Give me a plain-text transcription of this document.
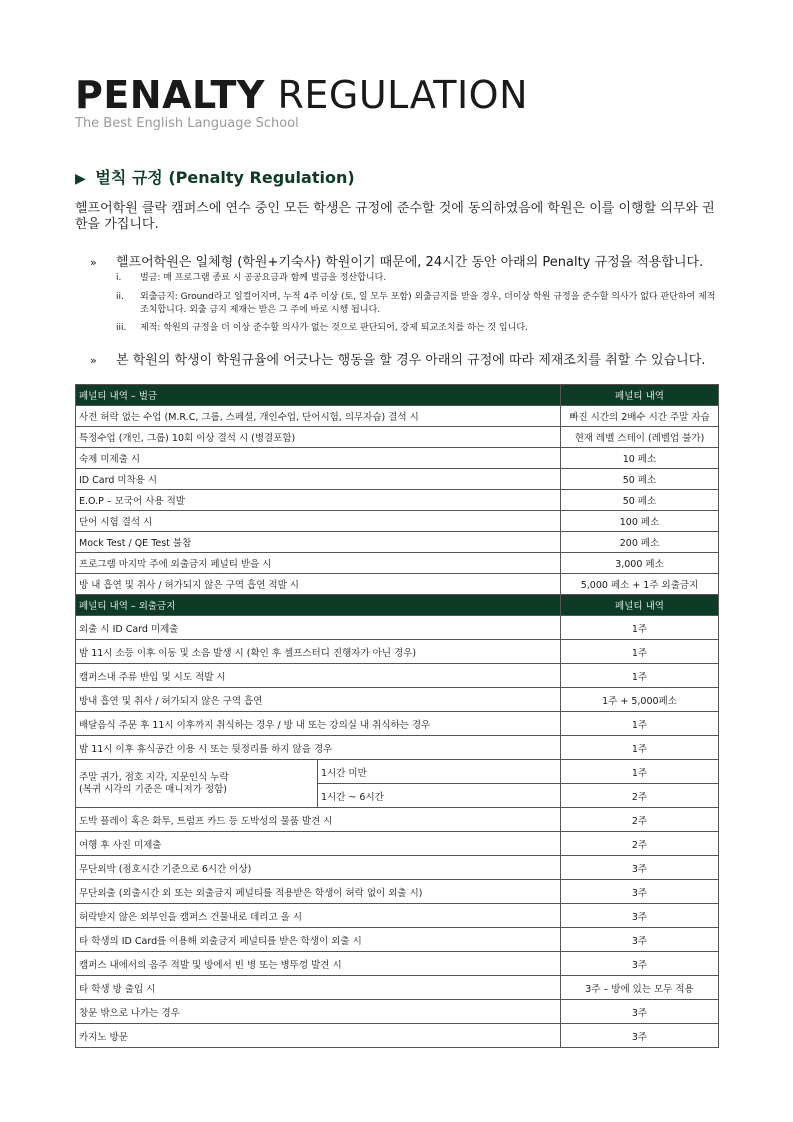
PENALTY REGULATION
The Best English Language School
▶ 벌칙 규정 (Penalty Regulation)
헬프어학원 클락 캠퍼스에 연수 중인 모든 학생은 규정에 준수할 것에 동의하였음에 학원은 이를 이행할 의무와 권한을 가집니다.
» 헬프어학원은 일체형 (학원+기숙사) 학원이기 때문에, 24시간 동안 아래의 Penalty 규정을 적용합니다.
i. 벌금: 매 프로그램 종료 시 공공요금과 함께 벌금을 정산합니다.
ii. 외출금지: Ground라고 일컬어지며, 누적 4주 이상 (토, 일 모두 포함) 외출금지를 받을 경우, 더이상 학원 규정을 준수할 의사가 없다 판단하여 제적 조치합니다. 외출 금지 제재는 받은 그 주에 바로 시행 됩니다.
iii. 제적: 학원의 규정을 더 이상 준수할 의사가 없는 것으로 판단되어, 강제 퇴교조치를 하는 것 입니다.
» 본 학원의 학생이 학원규율에 어긋나는 행동을 할 경우 아래의 규정에 따라 제재조치를 취할 수 있습니다.
페널티 내역 – 벌금		페널티 내역
사전 허락 없는 수업 (M.R.C, 그룹, 스페셜, 개인수업, 단어시험, 의무자습) 결석 시		빠진 시간의 2배수 시간 주말 자습
특정수업 (개인, 그룹) 10회 이상 결석 시 (병결포함)		현재 레벨 스테이 (레벨업 불가)
숙제 미제출 시		10 페소
ID Card 미착용 시		50 페소
E.O.P – 모국어 사용 적발		50 페소
단어 시험 결석 시		100 페소
Mock Test / QE Test 불참		200 페소
프로그램 마지막 주에 외출금지 페널티 받을 시		3,000 페소
방 내 흡연 및 취사 / 허가되지 않은 구역 흡연 적발 시		5,000 페소 + 1주 외출금지
페널티 내역 – 외출금지		페널티 내역
외출 시 ID Card 미제출		1주
밤 11시 소등 이후 이동 및 소음 발생 시 (확인 후 셀프스터디 진행자가 아닌 경우)		1주
캠퍼스내 주류 반입 및 시도 적발 시		1주
방내 흡연 및 취사 / 허가되지 않은 구역 흡연		1주 + 5,000페소
배달음식 주문 후 11시 이후까지 취식하는 경우 / 방 내 또는 강의실 내 취식하는 경우		1주
밤 11시 이후 휴식공간 이용 시 또는 뒷정리를 하지 않을 경우		1주
주말 귀가, 점호 지각, 지문인식 누락
(복귀 시각의 기준은 매니저가 정함)	1시간 미만	1주
	1시간 ~ 6시간	2주
도박 플레이 혹은 화투, 트럼프 카드 등 도박성의 물품 발견 시		2주
여행 후 사진 미제출		2주
무단외박 (점호시간 기준으로 6시간 이상)		3주
무단외출 (외출시간 외 또는 외출금지 페널티를 적용받은 학생이 허락 없이 외출 시)		3주
허락받지 않은 외부인을 캠퍼스 건물내로 데리고 올 시		3주
타 학생의 ID Card를 이용해 외출금지 페널티를 받은 학생이 외출 시		3주
캠퍼스 내에서의 음주 적발 및 방에서 빈 병 또는 병뚜껑 발견 시		3주
타 학생 방 출입 시		3주 – 방에 있는 모두 적용
창문 밖으로 나가는 경우		3주
카지노 방문		3주
